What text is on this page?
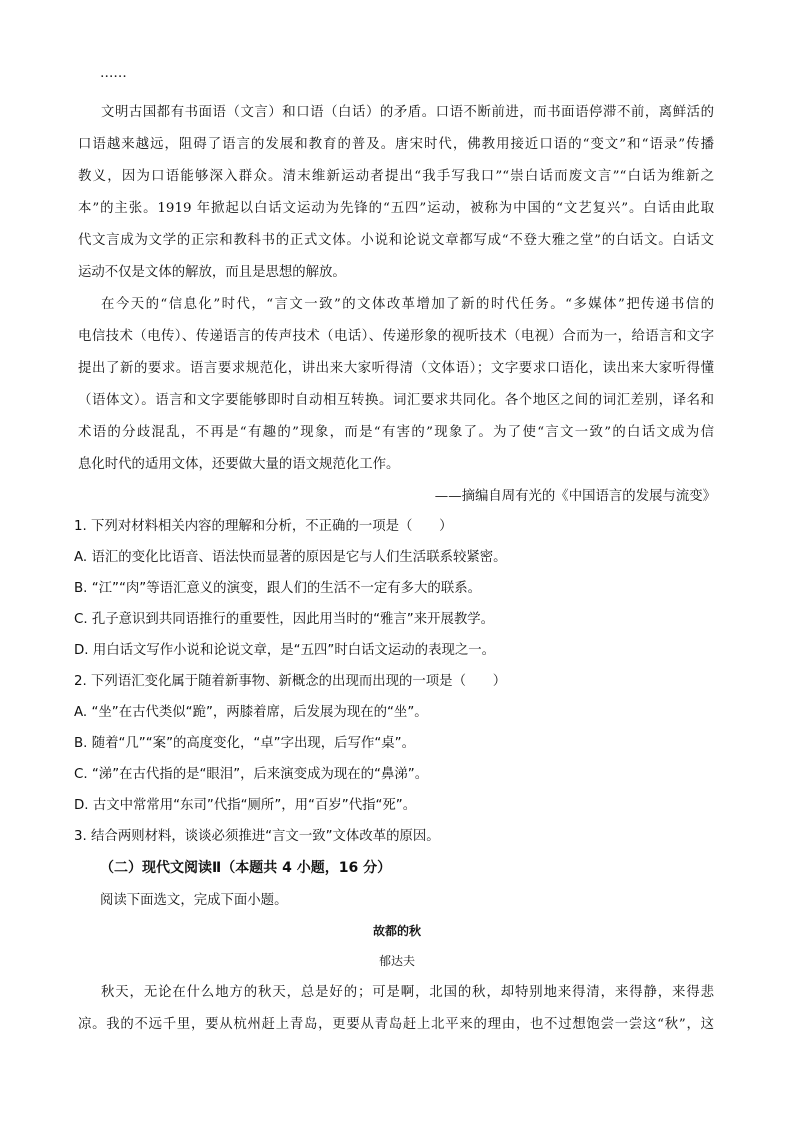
……
文明古国都有书面语（文言）和口语（白话）的矛盾。口语不断前进，而书面语停滞不前，离鲜活的
口语越来越远，阻碍了语言的发展和教育的普及。唐宋时代，佛教用接近口语的“变文”和“语录”传播
教义，因为口语能够深入群众。清末维新运动者提出“我手写我口”“崇白话而废文言”“白话为维新之
本”的主张。1919 年掀起以白话文运动为先锋的“五四”运动，被称为中国的“文艺复兴”。白话由此取
代文言成为文学的正宗和教科书的正式文体。小说和论说文章都写成“不登大雅之堂”的白话文。白话文
运动不仅是文体的解放，而且是思想的解放。
在今天的“信息化”时代，“言文一致”的文体改革增加了新的时代任务。“多媒体”把传递书信的
电信技术（电传）、传递语言的传声技术（电话）、传递形象的视听技术（电视）合而为一，给语言和文字
提出了新的要求。语言要求规范化，讲出来大家听得清（文体语）；文字要求口语化，读出来大家听得懂
（语体文）。语言和文字要能够即时自动相互转换。词汇要求共同化。各个地区之间的词汇差别，译名和
术语的分歧混乱，不再是“有趣的”现象，而是“有害的”现象了。为了使“言文一致”的白话文成为信
息化时代的适用文体，还要做大量的语文规范化工作。
——摘编自周有光的《中国语言的发展与流变》
1. 下列对材料相关内容的理解和分析，不正确的一项是（　　）
A. 语汇的变化比语音、语法快而显著的原因是它与人们生活联系较紧密。
B. “江”“肉”等语汇意义的演变，跟人们的生活不一定有多大的联系。
C. 孔子意识到共同语推行的重要性，因此用当时的“雅言”来开展教学。
D. 用白话文写作小说和论说文章，是“五四”时白话文运动的表现之一。
2. 下列语汇变化属于随着新事物、新概念的出现而出现的一项是（　　）
A. “坐”在古代类似“跪”，两膝着席，后发展为现在的“坐”。
B. 随着“几”“案”的高度变化，“卓”字出现，后写作“桌”。
C. “涕”在古代指的是“眼泪”，后来演变成为现在的“鼻涕”。
D. 古文中常常用“东司”代指“厕所”，用“百岁”代指“死”。
3. 结合两则材料，谈谈必须推进“言文一致”文体改革的原因。
（二）现代文阅读Ⅱ（本题共 4 小题，16 分）
阅读下面选文，完成下面小题。
故都的秋
郁达夫
秋天，无论在什么地方的秋天，总是好的；可是啊，北国的秋，却特别地来得清，来得静，来得悲
凉。我的不远千里，要从杭州赶上青岛，更要从青岛赶上北平来的理由，也不过想饱尝一尝这“秋”，这
